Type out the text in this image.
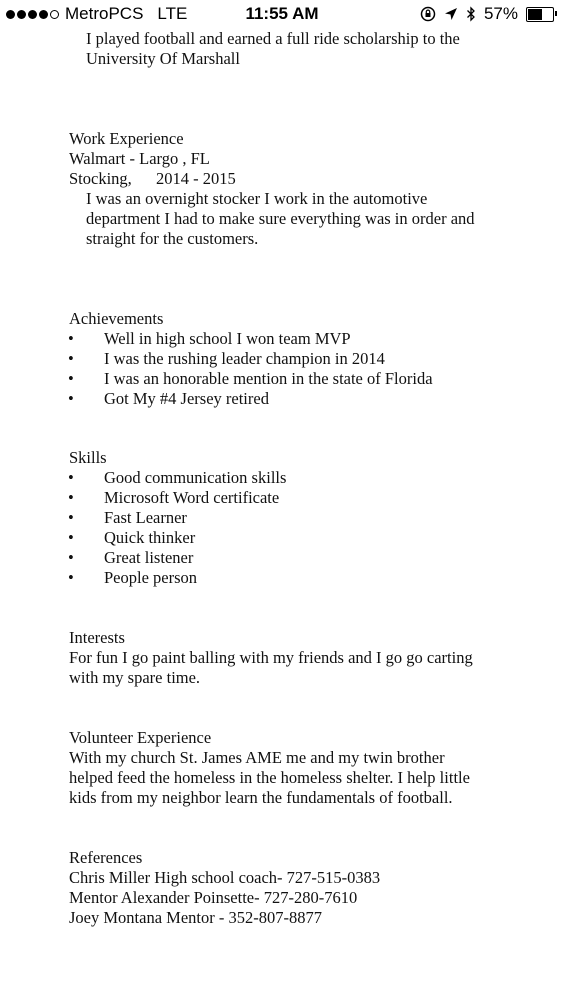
MetroPCS LTE	11:55 AM	57%
I played football and earned a full ride scholarship to the
University Of Marshall
Work Experience
Walmart - Largo , FL
Stocking, 2014 - 2015
I was an overnight stocker I work in the automotive
department I had to make sure everything was in order and
straight for the customers.
Achievements
• Well in high school I won team MVP
• I was the rushing leader champion in 2014
• I was an honorable mention in the state of Florida
• Got My #4 Jersey retired
Skills
• Good communication skills
• Microsoft Word certificate
• Fast Learner
• Quick thinker
• Great listener
• People person
Interests
For fun I go paint balling with my friends and I go go carting
with my spare time.
Volunteer Experience
With my church St. James AME me and my twin brother
helped feed the homeless in the homeless shelter. I help little
kids from my neighbor learn the fundamentals of football.
References
Chris Miller High school coach- 727-515-0383
Mentor Alexander Poinsette- 727-280-7610
Joey Montana Mentor - 352-807-8877
